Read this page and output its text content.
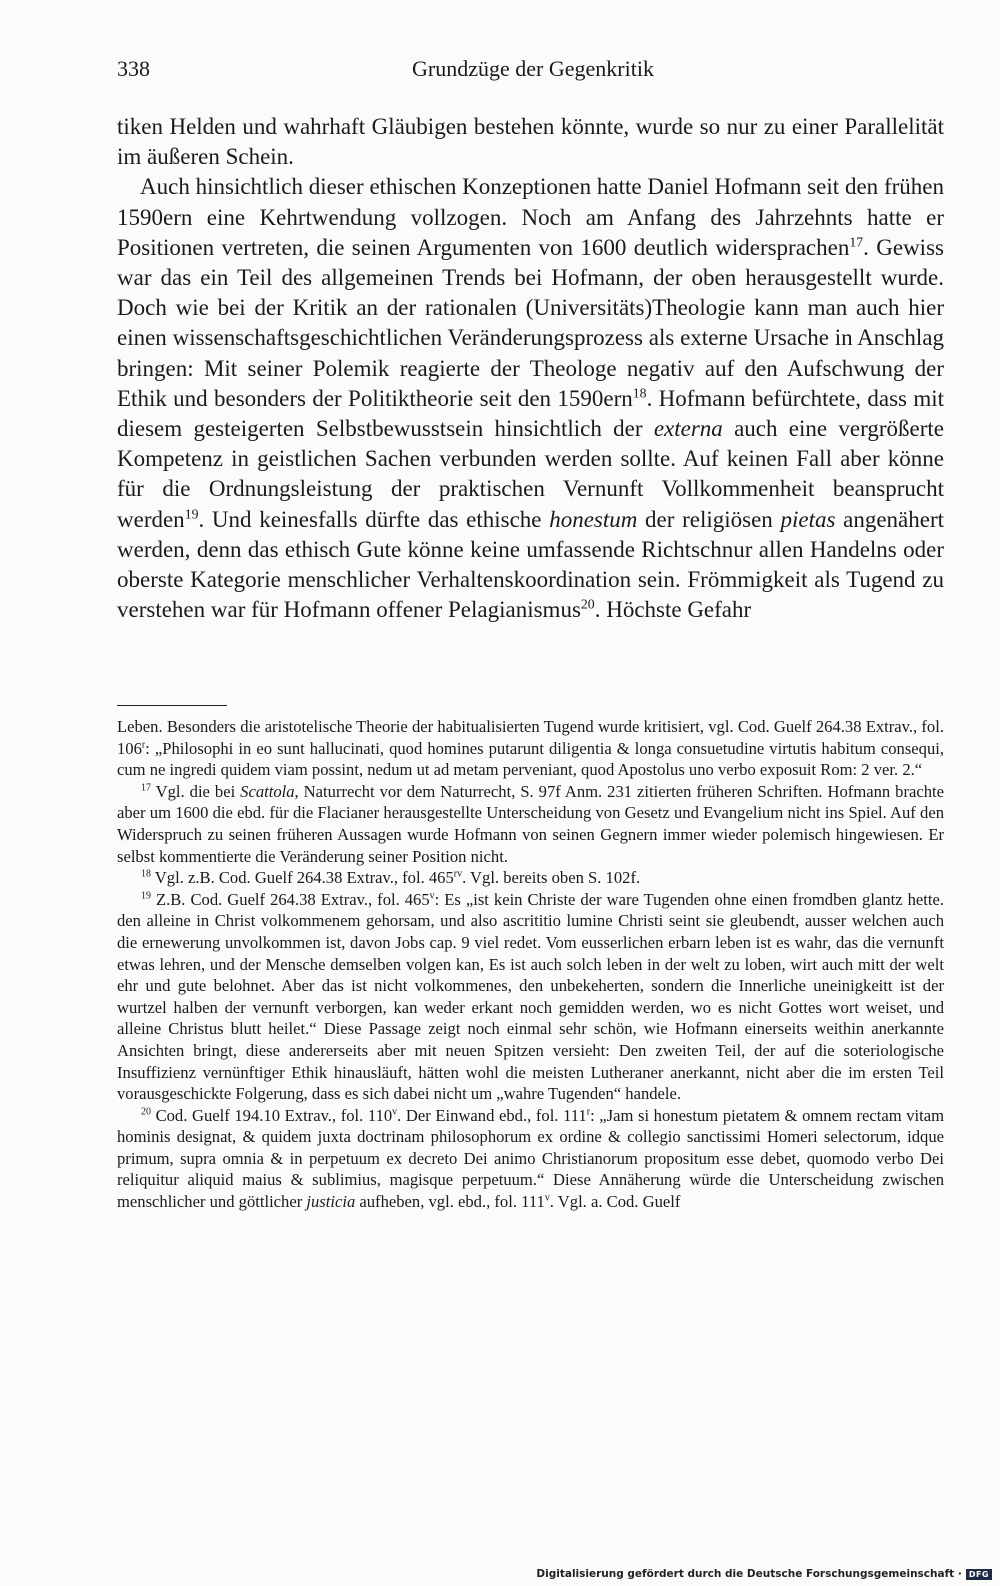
338	Grundzüge der Gegenkritik

tiken Helden und wahrhaft Gläubigen bestehen könnte, wurde so nur zu einer Parallelität im äußeren Schein.

Auch hinsichtlich dieser ethischen Konzeptionen hatte Daniel Hofmann seit den frühen 1590ern eine Kehrtwendung vollzogen. Noch am Anfang des Jahrzehnts hatte er Positionen vertreten, die seinen Argumenten von 1600 deutlich widersprachen$^{17}$. Gewiss war das ein Teil des allgemeinen Trends bei Hofmann, der oben herausgestellt wurde. Doch wie bei der Kritik an der rationalen (Universitäts)Theologie kann man auch hier einen wissenschaftsgeschichtlichen Veränderungsprozess als externe Ursache in Anschlag bringen: Mit seiner Polemik reagierte der Theologe negativ auf den Aufschwung der Ethik und besonders der Politiktheorie seit den 1590ern$^{18}$. Hofmann befürchtete, dass mit diesem gesteigerten Selbstbewusstsein hinsichtlich der externa auch eine vergrößerte Kompetenz in geistlichen Sachen verbunden werden sollte. Auf keinen Fall aber könne für die Ordnungsleistung der praktischen Vernunft Vollkommenheit beansprucht werden$^{19}$. Und keinesfalls dürfte das ethische honestum der religiösen pietas angenähert werden, denn das ethisch Gute könne keine umfassende Richtschnur allen Handelns oder oberste Kategorie menschlicher Verhaltenskoordination sein. Frömmigkeit als Tugend zu verstehen war für Hofmann offener Pelagianismus$^{20}$. Höchste Gefahr

Leben. Besonders die aristotelische Theorie der habitualisierten Tugend wurde kritisiert, vgl. Cod. Guelf 264.38 Extrav., fol. 106$^r$: „Philosophi in eo sunt hallucinati, quod homines putarunt diligentia & longa consuetudine virtutis habitum consequi, cum ne ingredi quidem viam possint, nedum ut ad metam perveniant, quod Apostolus uno verbo exposuit Rom: 2 ver. 2.“

$^{17}$ Vgl. die bei Scattola, Naturrecht vor dem Naturrecht, S. 97f Anm. 231 zitierten früheren Schriften. Hofmann brachte aber um 1600 die ebd. für die Flacianer herausgestellte Unterscheidung von Gesetz und Evangelium nicht ins Spiel. Auf den Widerspruch zu seinen früheren Aussagen wurde Hofmann von seinen Gegnern immer wieder polemisch hingewiesen. Er selbst kommentierte die Veränderung seiner Position nicht.

$^{18}$ Vgl. z.B. Cod. Guelf 264.38 Extrav., fol. $465^{rv}$. Vgl. bereits oben S. 102f.

$^{19}$ Z.B. Cod. Guelf 264.38 Extrav., fol. 465$^v$: Es „ist kein Christe der ware Tugenden ohne einen fromdben glantz hette. den alleine in Christ volkommenem gehorsam, und also ascrititio lumine Christi seint sie gleubendt, ausser welchen auch die ernewerung unvolkommen ist, davon Jobs cap. 9 viel redet. Vom eusserlichen erbarn leben ist es wahr, das die vernunft etwas lehren, und der Mensche demselben volgen kan, Es ist auch solch leben in der welt zu loben, wirt auch mitt der welt ehr und gute belohnet. Aber das ist nicht volkommenes, den unbekeherten, sondern die Innerliche uneinigkeitt ist der wurtzel halben der vernunft verborgen, kan weder erkant noch gemidden werden, wo es nicht Gottes wort weiset, und alleine Christus blutt heilet.“ Diese Passage zeigt noch einmal sehr schön, wie Hofmann einerseits weithin anerkannte Ansichten bringt, diese andererseits aber mit neuen Spitzen versieht: Den zweiten Teil, der auf die soteriologische Insuffizienz vernünftiger Ethik hinausläuft, hätten wohl die meisten Lutheraner anerkannt, nicht aber die im ersten Teil vorausgeschickte Folgerung, dass es sich dabei nicht um „wahre Tugenden“ handele.

$^{20}$ Cod. Guelf 194.10 Extrav., fol. 110$^v$. Der Einwand ebd., fol. 111$^r$: „Jam si honestum pietatem & omnem rectam vitam hominis designat, & quidem juxta doctrinam philosophorum ex ordine & collegio sanctissimi Homeri selectorum, idque primum, supra omnia & in perpetuum ex decreto Dei animo Christianorum propositum esse debet, quomodo verbo Dei reliquitur aliquid maius & sublimius, magisque perpetuum.“ Diese Annäherung würde die Unterscheidung zwischen menschlicher und göttlicher justicia aufheben, vgl. ebd., fol. 111$^v$. Vgl. a. Cod. Guelf

Digitalisierung gefördert durch die Deutsche Forschungsgemeinschaft · DFG
